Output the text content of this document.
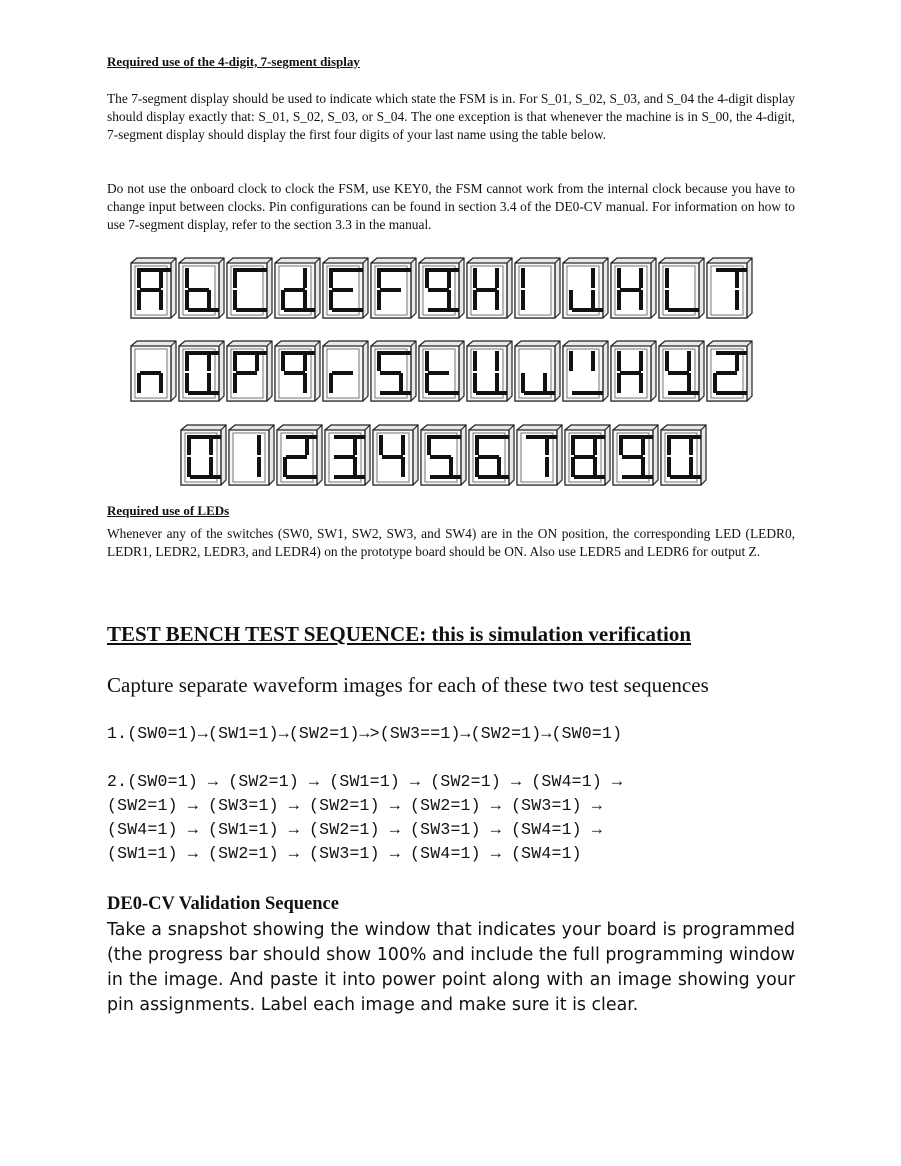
Required use of the 4-digit, 7-segment display
The 7-segment display should be used to indicate which state the FSM is in. For S_01, S_02, S_03, and S_04 the 4-digit display should display exactly that: S_01, S_02, S_03, or S_04. The one exception is that whenever the machine is in S_00, the 4-digit, 7-segment display should display the first four digits of your last name using the table below.
Do not use the onboard clock to clock the FSM, use KEY0, the FSM cannot work from the internal clock because you have to change input between clocks. Pin configurations can be found in section 3.4 of the DE0-CV manual. For information on how to use 7-segment display, refer to the section 3.3 in the manual.
Required use of LEDs
Whenever any of the switches (SW0, SW1, SW2, SW3, and SW4) are in the ON position, the corresponding LED (LEDR0, LEDR1, LEDR2, LEDR3, and LEDR4) on the prototype board should be ON. Also use LEDR5 and LEDR6 for output Z.
TEST BENCH TEST SEQUENCE: this is simulation verification
Capture separate waveform images for each of these two test sequences
1.(SW0=1)→(SW1=1)→(SW2=1)→>(SW3==1)→(SW2=1)→(SW0=1)
2.(SW0=1) → (SW2=1) → (SW1=1) → (SW2=1) → (SW4=1) →
(SW2=1) → (SW3=1) → (SW2=1) → (SW2=1) → (SW3=1) →
(SW4=1) → (SW1=1) → (SW2=1) → (SW3=1) → (SW4=1) →
(SW1=1) → (SW2=1) → (SW3=1) → (SW4=1) → (SW4=1)
DE0-CV Validation Sequence
Take a snapshot showing the window that indicates your board is programmed (the progress bar should show 100% and include the full programming window in the image. And paste it into power point along with an image showing your pin assignments. Label each image and make sure it is clear.
